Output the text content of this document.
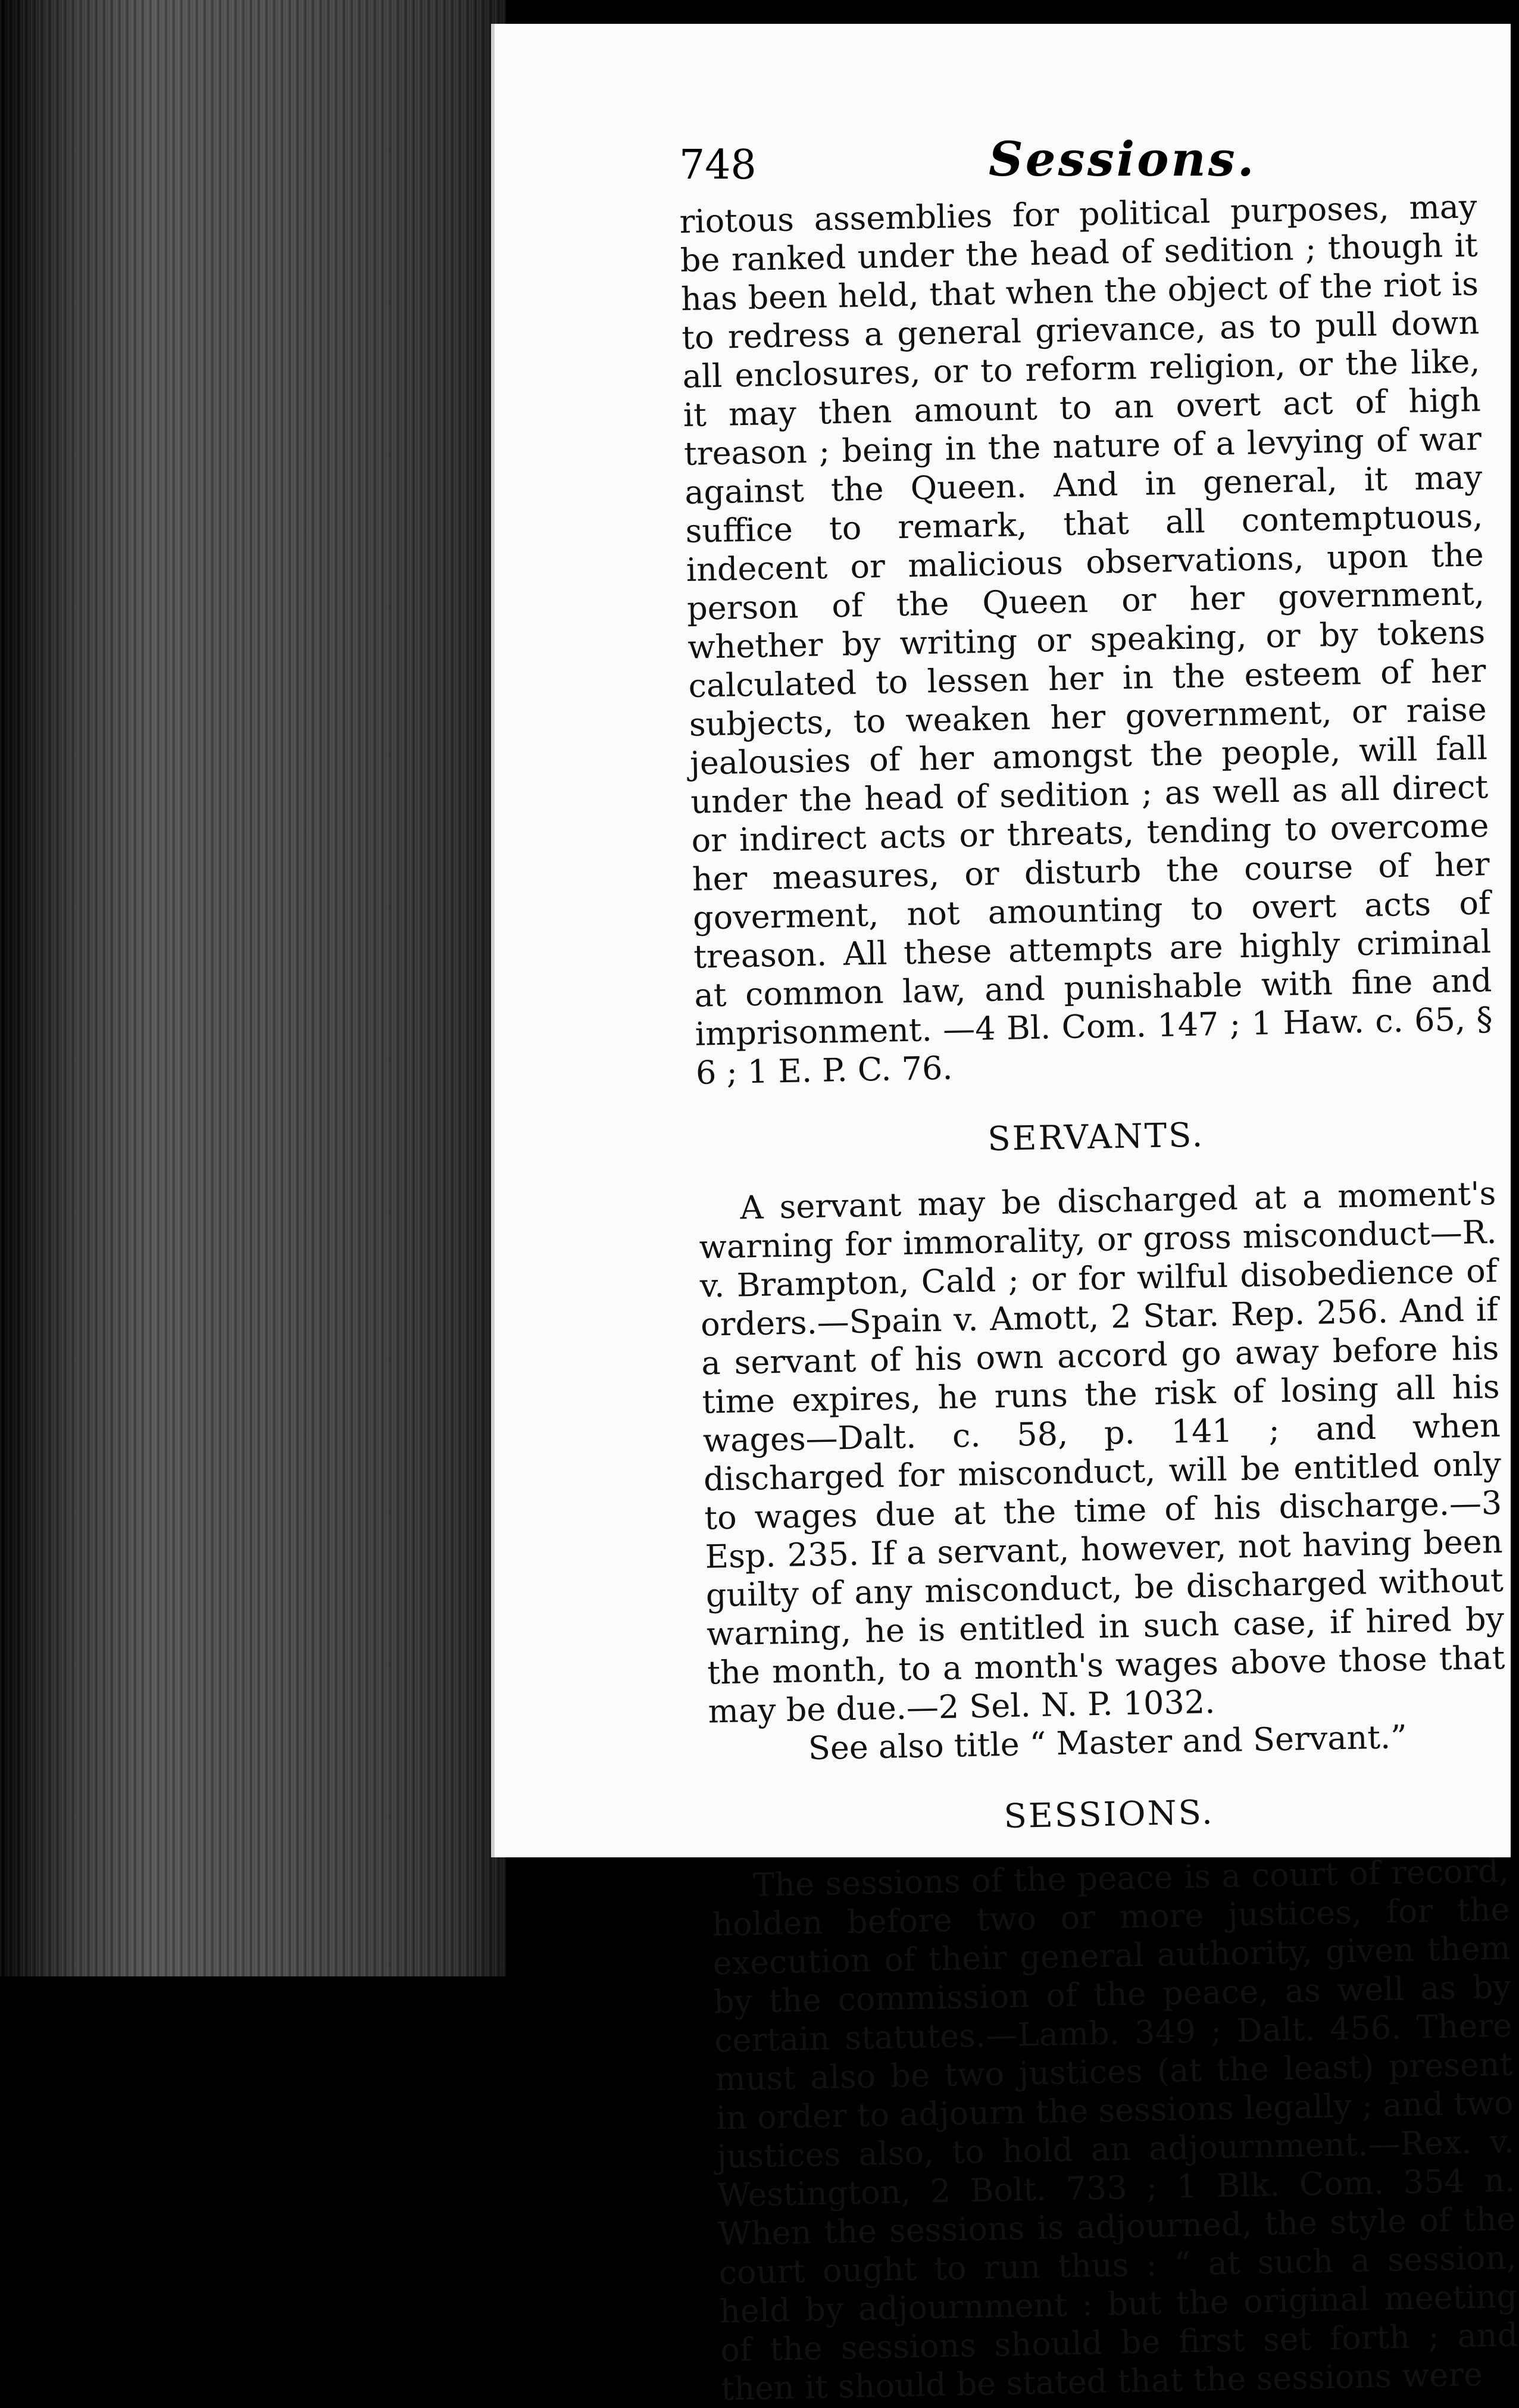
748	Sessions.

riotous assemblies for political purposes, may be ranked under the head of sedition ; though it has been held, that when the object of the riot is to redress a general grievance, as to pull down all enclosures, or to reform religion, or the like, it may then amount to an overt act of high treason ; being in the nature of a levying of war against the Queen. And in general, it may suffice to remark, that all contemptuous, indecent or malicious observations, upon the person of the Queen or her government, whether by writing or speaking, or by tokens calculated to lessen her in the esteem of her subjects, to weaken her government, or raise jealousies of her amongst the people, will fall under the head of sedition ; as well as all direct or indirect acts or threats, tending to overcome her measures, or disturb the course of her goverment, not amounting to overt acts of treason. All these attempts are highly criminal at common law, and punishable with fine and imprisonment. —4 Bl. Com. 147 ; 1 Haw. c. 65, § 6 ; 1 E. P. C. 76.

SERVANTS.

A servant may be discharged at a moment's warning for immorality, or gross misconduct—R. v. Brampton, Cald ; or for wilful disobedience of orders.—Spain v. Amott, 2 Star. Rep. 256. And if a servant of his own accord go away before his time expires, he runs the risk of losing all his wages—Dalt. c. 58, p. 141 ; and when discharged for misconduct, will be entitled only to wages due at the time of his discharge.—3 Esp. 235. If a servant, however, not having been guilty of any misconduct, be discharged without warning, he is entitled in such case, if hired by the month, to a month's wages above those that may be due.—2 Sel. N. P. 1032.

See also title “ Master and Servant.”

SESSIONS.

The sessions of the peace is a court of record, holden before two or more justices, for the execution of their general authority, given them by the commission of the peace, as well as by certain statutes.—Lamb. 349 ; Dalt. 456. There must also be two justices (at the least) present in order to adjourn the sessions legally ; and two justices also, to hold an adjournment.—Rex. v. Westington, 2 Bolt. 733 ; 1 Blk. Com. 354 n. When the sessions is adjourned, the style of the court ought to run thus : “ at such a session, held by adjournment : but the original meeting of the sessions should be first set forth ; and then it should be stated that the sessions were
